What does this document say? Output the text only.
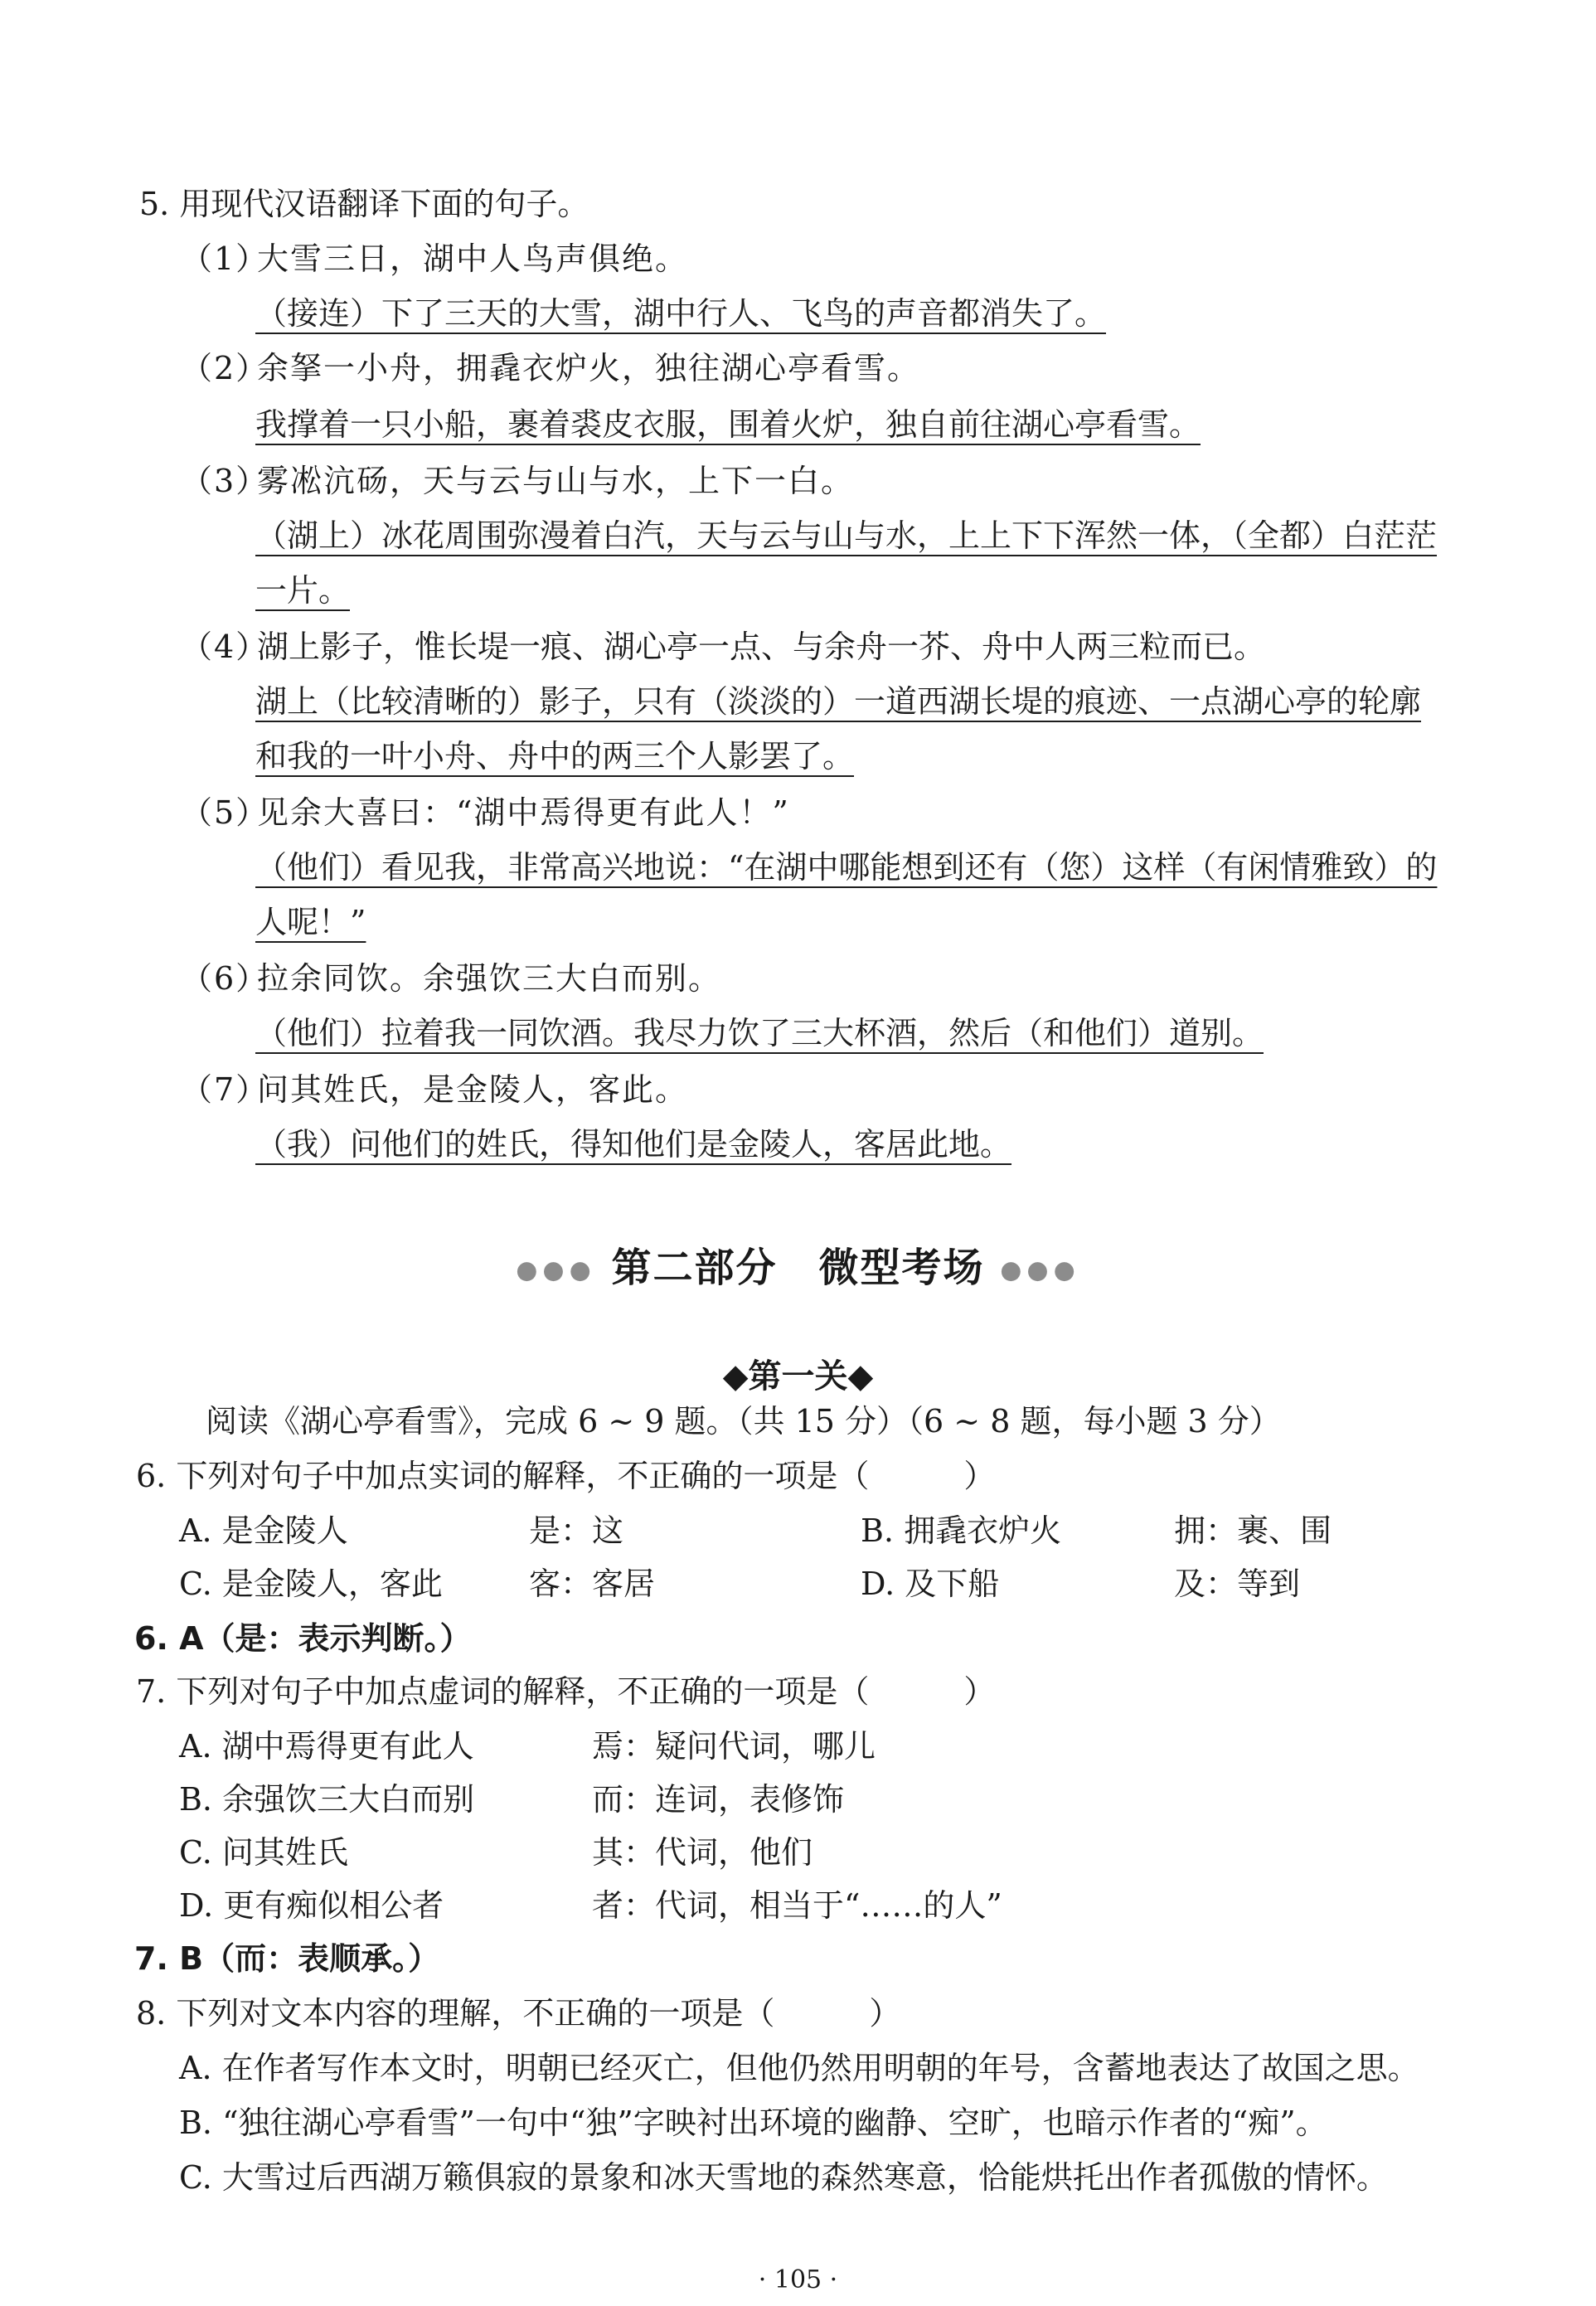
5. 用现代汉语翻译下面的句子。
（1）
大雪三日，湖中人鸟声俱绝。
（接连）下了三天的大雪，湖中行人、飞鸟的声音都消失了。
（2）
余拏一小舟，拥毳衣炉火，独往湖心亭看雪。
我撑着一只小船，裹着裘皮衣服，围着火炉，独自前往湖心亭看雪。
（3）
雾凇沆砀，天与云与山与水，上下一白。
（湖上）冰花周围弥漫着白汽，天与云与山与水，上上下下浑然一体，（全都）白茫茫
一片。
（4）
湖上影子，惟长堤一痕、湖心亭一点、与余舟一芥、舟中人两三粒而已。
湖上（比较清晰的）影子，只有（淡淡的）一道西湖长堤的痕迹、一点湖心亭的轮廓
和我的一叶小舟、舟中的两三个人影罢了。
（5）
见余大喜曰：“湖中焉得更有此人！”
（他们）看见我，非常高兴地说：“在湖中哪能想到还有（您）这样（有闲情雅致）的
人呢！”
（6）
拉余同饮。余强饮三大白而别。
（他们）拉着我一同饮酒。我尽力饮了三大杯酒，然后（和他们）道别。
（7）
问其姓氏，是金陵人，客此。
（我）问他们的姓氏，得知他们是金陵人，客居此地。
●●● 第二部分　微型考场 ●●●
◆第一关◆
阅读《湖心亭看雪》，完成 6 ~ 9 题。（共 15 分）（6 ~ 8 题，每小题 3 分）
6. 下列对句子中加点实词的解释，不正确的一项是（　　　）
A. 是金陵人	是：这	B. 拥毳衣炉火	拥：裹、围
C. 是金陵人，客此	客：客居	D. 及下船	及：等到
6. A（是：表示判断。）
7. 下列对句子中加点虚词的解释，不正确的一项是（　　　）
A. 湖中焉得更有此人	焉：疑问代词，哪儿
B. 余强饮三大白而别	而：连词，表修饰
C. 问其姓氏	其：代词，他们
D. 更有痴似相公者	者：代词，相当于“……的人”
7. B（而：表顺承。）
8. 下列对文本内容的理解，不正确的一项是（　　　）
A. 在作者写作本文时，明朝已经灭亡，但他仍然用明朝的年号，含蓄地表达了故国之思。
B. “独往湖心亭看雪”一句中“独”字映衬出环境的幽静、空旷，也暗示作者的“痴”。
C. 大雪过后西湖万籁俱寂的景象和冰天雪地的森然寒意，恰能烘托出作者孤傲的情怀。
· 105 ·
